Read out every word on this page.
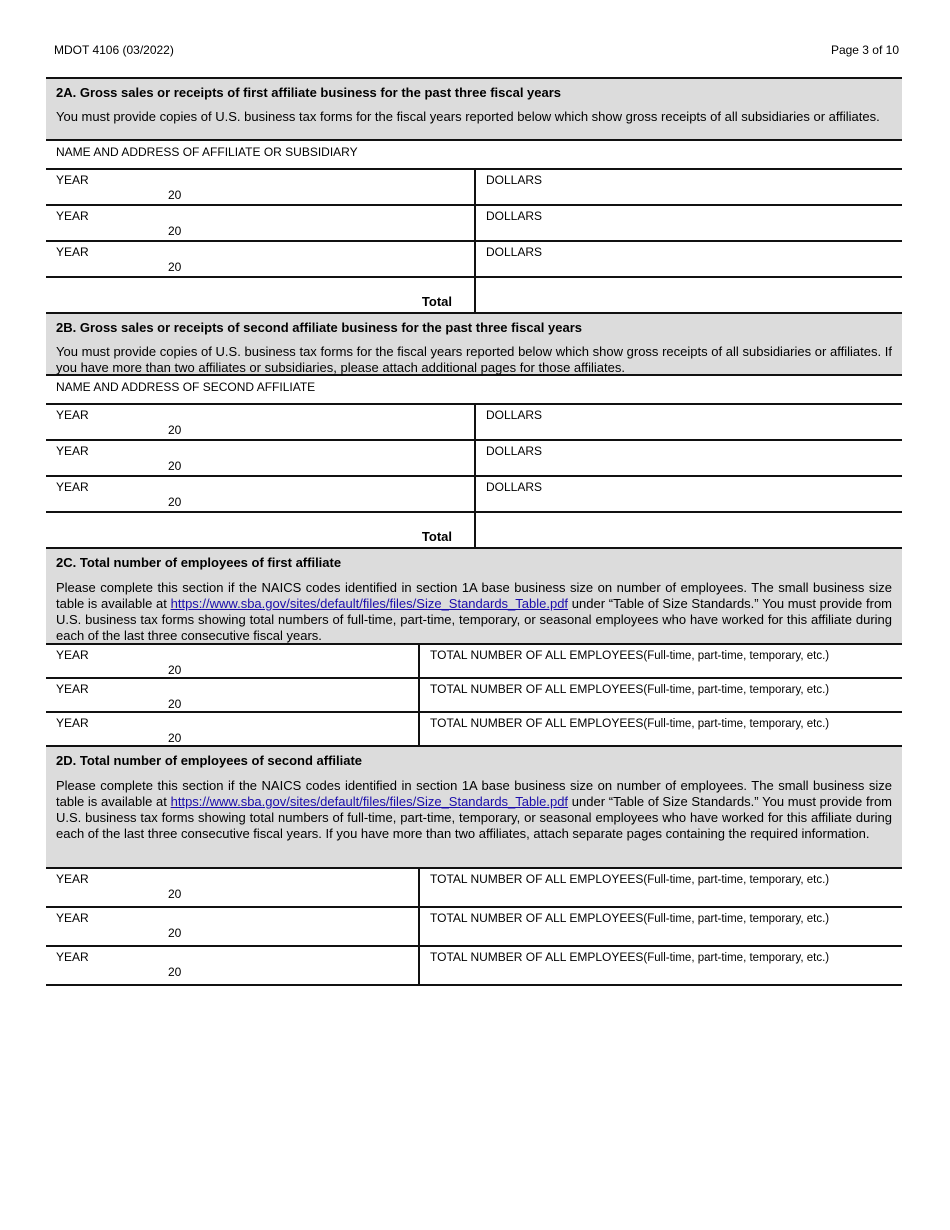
MDOT 4106 (03/2022)	Page 3 of 10
2A. Gross sales or receipts of first affiliate business for the past three fiscal years
You must provide copies of U.S. business tax forms for the fiscal years reported below which show gross receipts of all subsidiaries or affiliates.
NAME AND ADDRESS OF AFFILIATE OR SUBSIDIARY
YEAR
20
DOLLARS
YEAR
20
DOLLARS
YEAR
20
DOLLARS
Total
2B. Gross sales or receipts of second affiliate business for the past three fiscal years
You must provide copies of U.S. business tax forms for the fiscal years reported below which show gross receipts of all subsidiaries or affiliates. If you have more than two affiliates or subsidiaries, please attach additional pages for those affiliates.
NAME AND ADDRESS OF SECOND AFFILIATE
YEAR
20
DOLLARS
YEAR
20
DOLLARS
YEAR
20
DOLLARS
Total
2C. Total number of employees of first affiliate
Please complete this section if the NAICS codes identified in section 1A base business size on number of employees. The small business size table is available at https://www.sba.gov/sites/default/files/files/Size_Standards_Table.pdf under “Table of Size Standards.” You must provide from U.S. business tax forms showing total numbers of full-time, part-time, temporary, or seasonal employees who have worked for this affiliate during each of the last three consecutive fiscal years.
YEAR
20
TOTAL NUMBER OF ALL EMPLOYEES(Full-time, part-time, temporary, etc.)
YEAR
20
TOTAL NUMBER OF ALL EMPLOYEES(Full-time, part-time, temporary, etc.)
YEAR
20
TOTAL NUMBER OF ALL EMPLOYEES(Full-time, part-time, temporary, etc.)
2D. Total number of employees of second affiliate
Please complete this section if the NAICS codes identified in section 1A base business size on number of employees. The small business size table is available at https://www.sba.gov/sites/default/files/files/Size_Standards_Table.pdf under “Table of Size Standards.” You must provide from U.S. business tax forms showing total numbers of full-time, part-time, temporary, or seasonal employees who have worked for this affiliate during each of the last three consecutive fiscal years. If you have more than two affiliates, attach separate pages containing the required information.
YEAR
20
TOTAL NUMBER OF ALL EMPLOYEES(Full-time, part-time, temporary, etc.)
YEAR
20
TOTAL NUMBER OF ALL EMPLOYEES(Full-time, part-time, temporary, etc.)
YEAR
20
TOTAL NUMBER OF ALL EMPLOYEES(Full-time, part-time, temporary, etc.)
